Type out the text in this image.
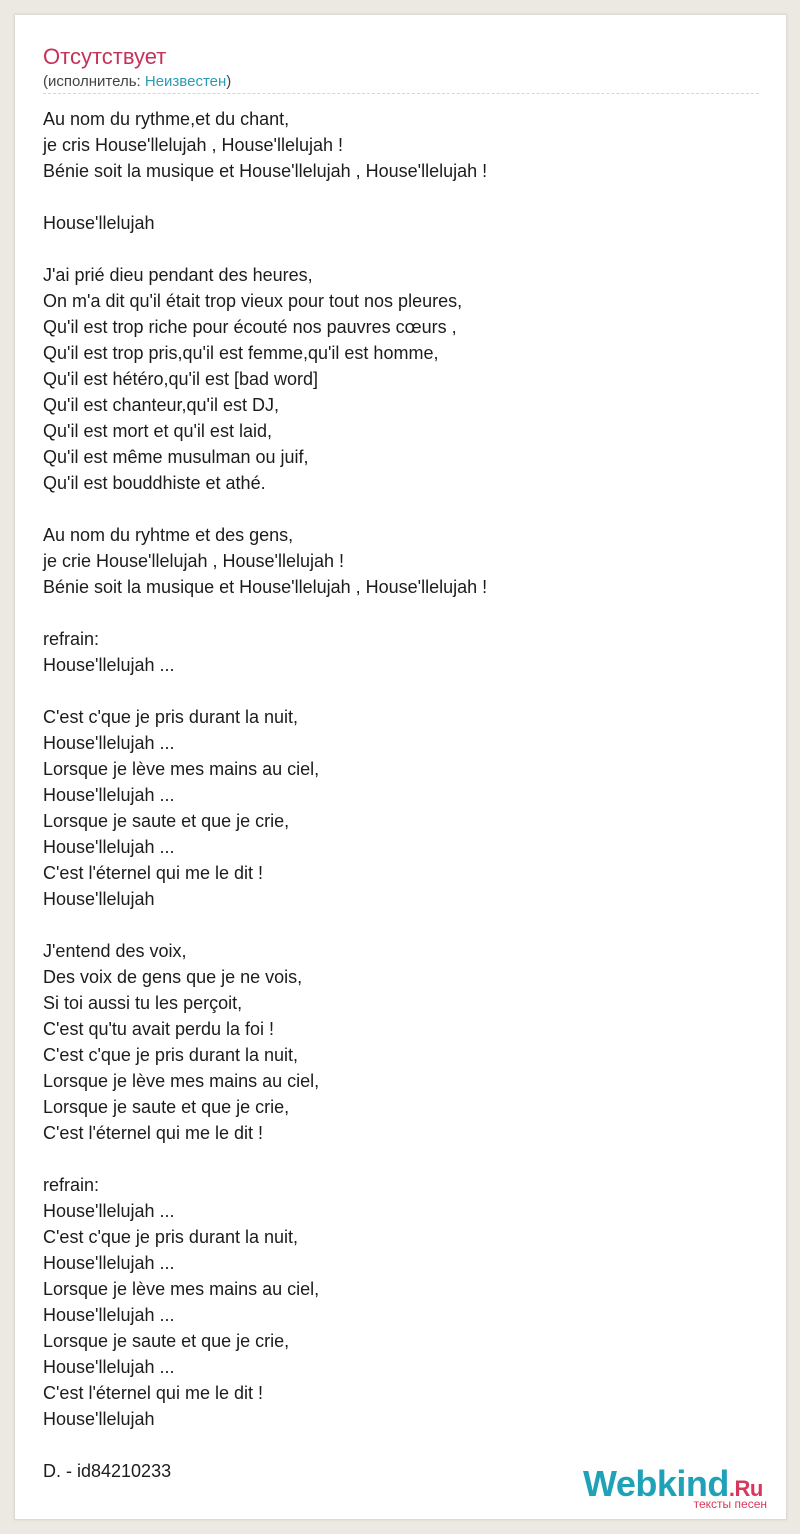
Отсутствует
(исполнитель: Неизвестен)
Au nom du rythme,et du chant,
je cris House'llelujah , House'llelujah !
Bénie soit la musique et House'llelujah , House'llelujah !

House'llelujah

J'ai prié dieu pendant des heures,
On m'a dit qu'il était trop vieux pour tout nos pleures,
Qu'il est trop riche pour écouté nos pauvres cœurs ,
Qu'il est trop pris,qu'il est femme,qu'il est homme,
Qu'il est hétéro,qu'il est [bad word]
Qu'il est chanteur,qu'il est DJ,
Qu'il est mort et qu'il est laid,
Qu'il est même musulman ou juif,
Qu'il est bouddhiste et athé.

Au nom du ryhtme et des gens,
je crie House'llelujah , House'llelujah !
Bénie soit la musique et House'llelujah , House'llelujah !

refrain:
House'llelujah ...

C'est c'que je pris durant la nuit,
House'llelujah ...
Lorsque je lève mes mains au ciel,
House'llelujah ...
Lorsque je saute et que je crie,
House'llelujah ...
C'est l'éternel qui me le dit !
House'llelujah

J'entend des voix,
Des voix de gens que je ne vois,
Si toi aussi tu les perçoit,
C'est qu'tu avait perdu la foi !
C'est c'que je pris durant la nuit,
Lorsque je lève mes mains au ciel,
Lorsque je saute et que je crie,
C'est l'éternel qui me le dit !

refrain:
House'llelujah ...
C'est c'que je pris durant la nuit,
House'llelujah ...
Lorsque je lève mes mains au ciel,
House'llelujah ...
Lorsque je saute et que je crie,
House'llelujah ...
C'est l'éternel qui me le dit !
House'llelujah
D. - id84210233	Webkind.Ru
тексты песен
